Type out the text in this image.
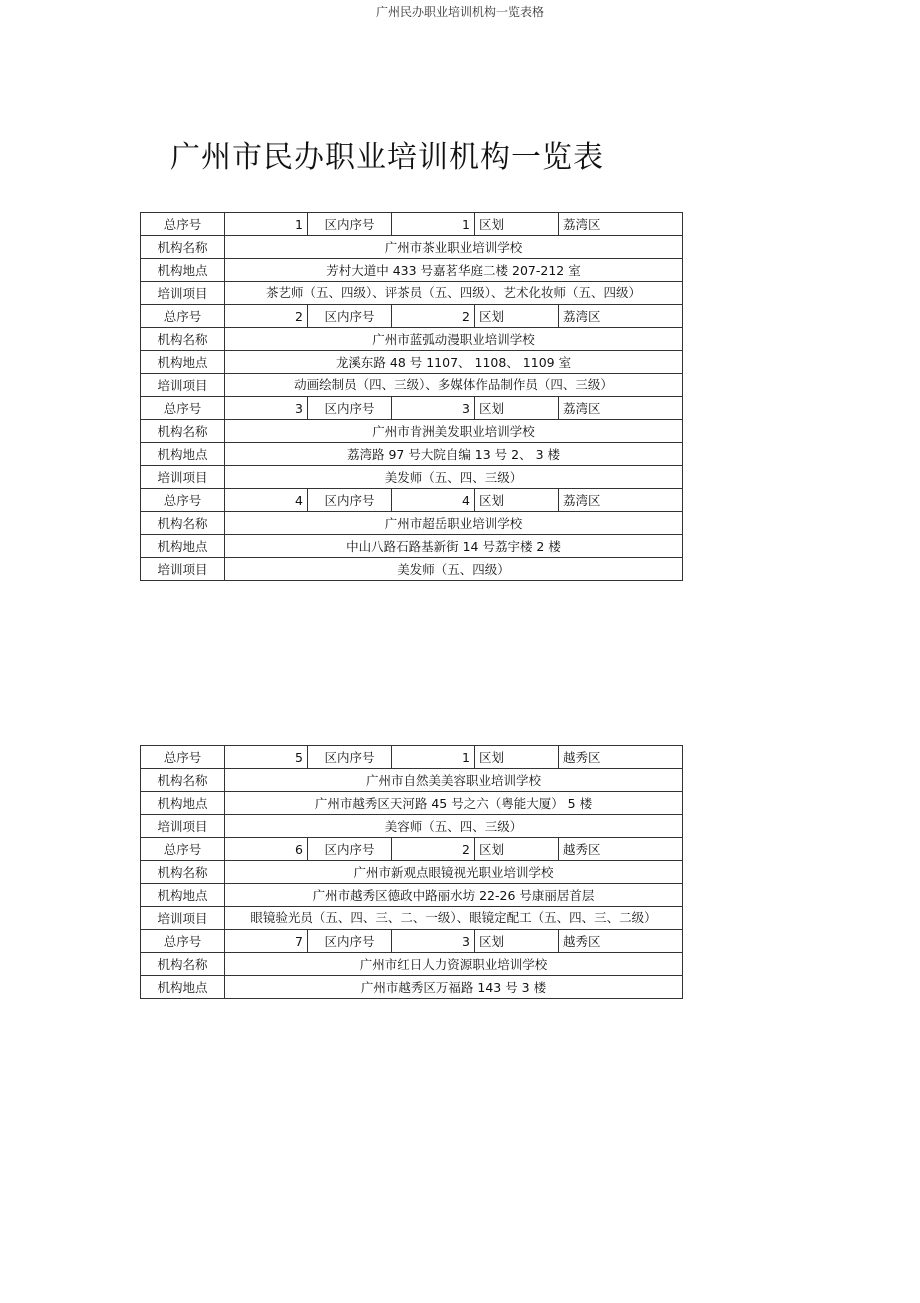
广州民办职业培训机构一览表格
广州市民办职业培训机构一览表
总序号	1	区内序号	1	区划	荔湾区
机构名称	广州市茶业职业培训学校				
机构地点	芳村大道中 433 号嘉茗华庭二楼 207-212 室				
培训项目	茶艺师（五、四级）、评茶员（五、四级）、艺术化妆师（五、四级）				
总序号	2	区内序号	2	区划	荔湾区
机构名称	广州市蓝弧动漫职业培训学校				
机构地点	龙溪东路 48 号 1107、 1108、 1109 室				
培训项目	动画绘制员（四、三级）、多媒体作品制作员（四、三级）				
总序号	3	区内序号	3	区划	荔湾区
机构名称	广州市肯洲美发职业培训学校				
机构地点	荔湾路 97 号大院自编 13 号 2、 3 楼				
培训项目	美发师（五、四、三级）				
总序号	4	区内序号	4	区划	荔湾区
机构名称	广州市超岳职业培训学校				
机构地点	中山八路石路基新街 14 号荔宇楼 2 楼				
培训项目	美发师（五、四级）				
总序号	5	区内序号	1	区划	越秀区
机构名称	广州市自然美美容职业培训学校				
机构地点	广州市越秀区天河路 45 号之六（粤能大厦） 5 楼				
培训项目	美容师（五、四、三级）				
总序号	6	区内序号	2	区划	越秀区
机构名称	广州市新观点眼镜视光职业培训学校				
机构地点	广州市越秀区德政中路丽水坊 22-26 号康丽居首层				
培训项目	眼镜验光员（五、四、三、二、一级）、眼镜定配工（五、四、三、二级）				
总序号	7	区内序号	3	区划	越秀区
机构名称	广州市红日人力资源职业培训学校				
机构地点	广州市越秀区万福路 143 号 3 楼				
